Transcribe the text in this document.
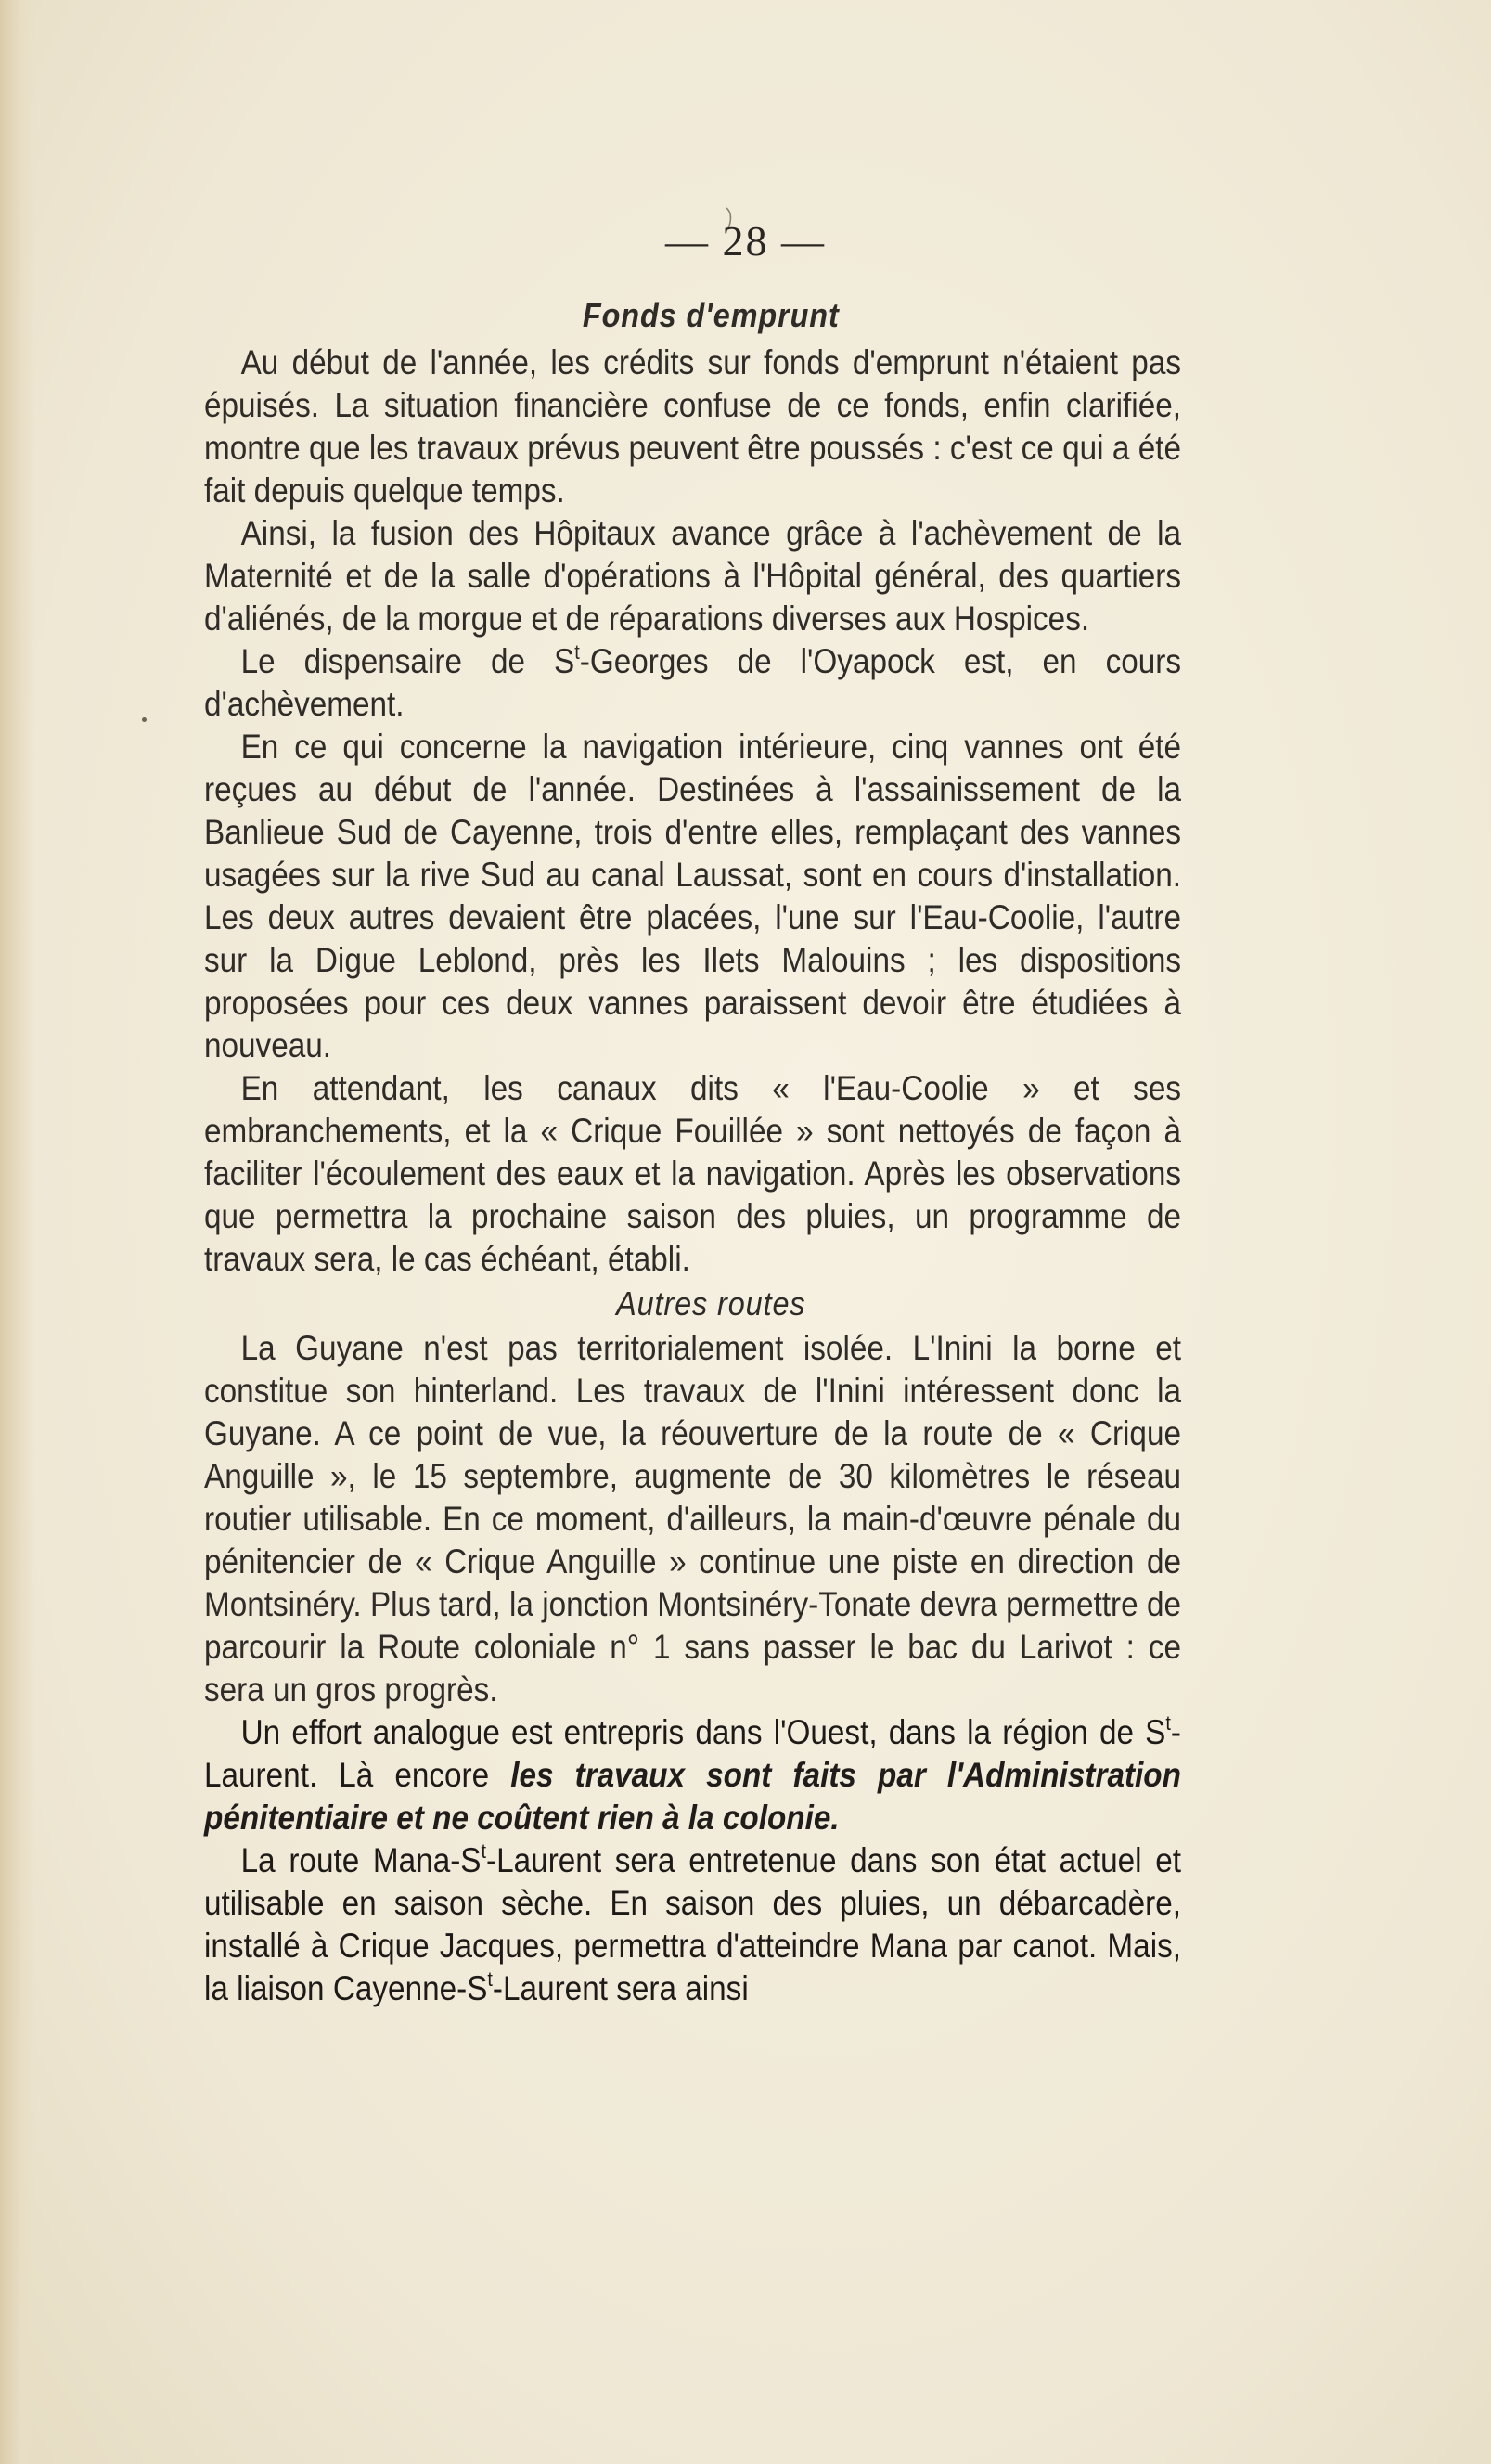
— 28 —

Fonds d'emprunt

Au début de l'année, les crédits sur fonds d'emprunt n'étaient pas épuisés. La situation financière confuse de ce fonds, enfin clarifiée, montre que les travaux prévus peuvent être poussés : c'est ce qui a été fait depuis quelque temps.

Ainsi, la fusion des Hôpitaux avance grâce à l'achèvement de la Maternité et de la salle d'opérations à l'Hôpital général, des quartiers d'aliénés, de la morgue et de réparations diverses aux Hospices.

Le dispensaire de $S^t$-Georges de l'Oyapock est, en cours d'achèvement.

En ce qui concerne la navigation intérieure, cinq vannes ont été reçues au début de l'année. Destinées à l'assainissement de la Banlieue Sud de Cayenne, trois d'entre elles, remplaçant des vannes usagées sur la rive Sud au canal Laussat, sont en cours d'installation. Les deux autres devaient être placées, l'une sur l'Eau-Coolie, l'autre sur la Digue Leblond, près les Ilets Malouins ; les dispositions proposées pour ces deux vannes paraissent devoir être étudiées à nouveau.

En attendant, les canaux dits « l'Eau-Coolie » et ses embranchements, et la « Crique Fouillée » sont nettoyés de façon à faciliter l'écoulement des eaux et la navigation. Après les observations que permettra la prochaine saison des pluies, un programme de travaux sera, le cas échéant, établi.

Autres routes

La Guyane n'est pas territorialement isolée. L'Inini la borne et constitue son hinterland. Les travaux de l'Inini intéressent donc la Guyane. A ce point de vue, la réouverture de la route de « Crique Anguille », le 15 septembre, augmente de 30 kilomètres le réseau routier utilisable. En ce moment, d'ailleurs, la main-d'œuvre pénale du pénitencier de « Crique Anguille » continue une piste en direction de Montsinéry. Plus tard, la jonction Montsinéry-Tonate devra permettre de parcourir la Route coloniale n° 1 sans passer le bac du Larivot : ce sera un gros progrès.

Un effort analogue est entrepris dans l'Ouest, dans la région de $S^t$-Laurent. Là encore les travaux sont faits par l'Administration pénitentiaire et ne coûtent rien à la colonie.

La route Mana-$S^t$-Laurent sera entretenue dans son état actuel et utilisable en saison sèche. En saison des pluies, un débarcadère, installé à Crique Jacques, permettra d'atteindre Mana par canot. Mais, la liaison Cayenne-$S^t$-Laurent sera ainsi
